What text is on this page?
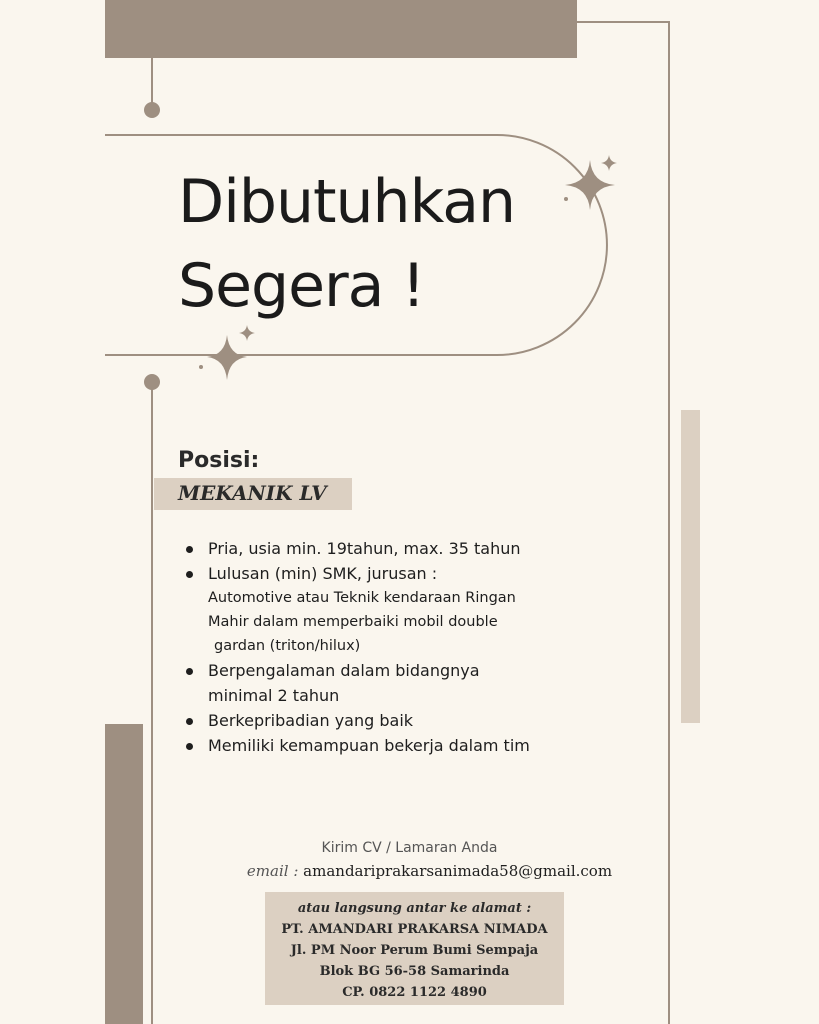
Dibutuhkan
Segera !
Posisi:
MEKANIK LV
Pria, usia min. 19tahun, max. 35 tahun
Lulusan (min) SMK, jurusan :
Automotive atau Teknik kendaraan Ringan
Mahir dalam memperbaiki mobil double
gardan (triton/hilux)
Berpengalaman dalam bidangnya
minimal 2 tahun
Berkepribadian yang baik
Memiliki kemampuan bekerja dalam tim
Kirim CV / Lamaran Anda
email : amandariprakarsanimada58@gmail.com
atau langsung antar ke alamat :
PT. AMANDARI PRAKARSA NIMADA
Jl. PM Noor Perum Bumi Sempaja
Blok BG 56-58 Samarinda
CP. 0822 1122 4890
